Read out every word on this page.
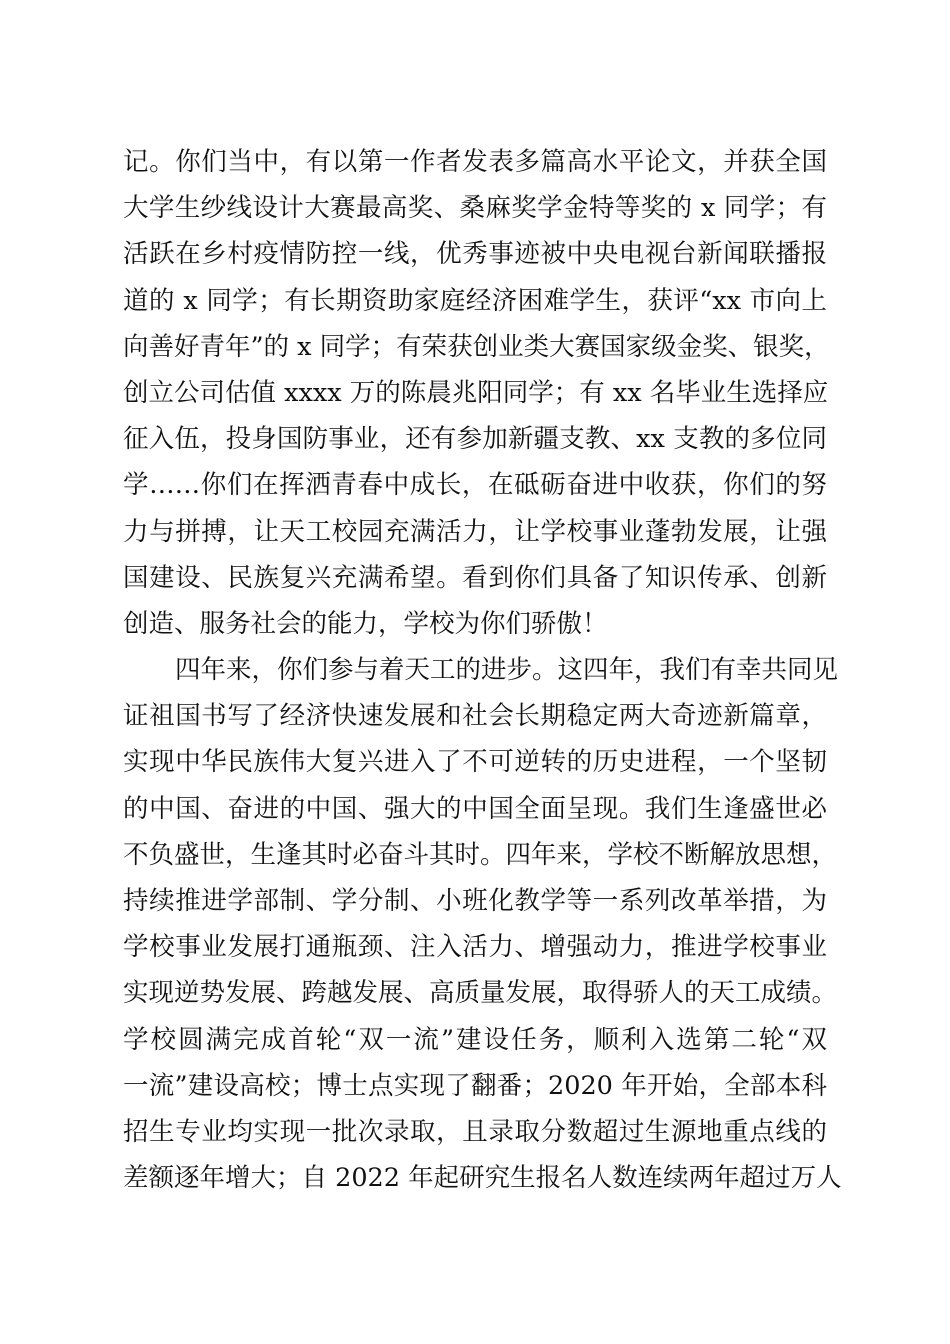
记。你们当中，有以第一作者发表多篇高水平论文，并获全国
大学生纱线设计大赛最高奖、桑麻奖学金特等奖的 x 同学；有
活跃在乡村疫情防控一线，优秀事迹被中央电视台新闻联播报
道的 x 同学；有长期资助家庭经济困难学生，获评“xx 市向上
向善好青年”的 x 同学；有荣获创业类大赛国家级金奖、银奖，
创立公司估值 xxxx 万的陈晨兆阳同学；有 xx 名毕业生选择应
征入伍，投身国防事业，还有参加新疆支教、xx 支教的多位同
学……你们在挥洒青春中成长，在砥砺奋进中收获，你们的努
力与拼搏，让天工校园充满活力，让学校事业蓬勃发展，让强
国建设、民族复兴充满希望。看到你们具备了知识传承、创新
创造、服务社会的能力，学校为你们骄傲！
四年来，你们参与着天工的进步。这四年，我们有幸共同见
证祖国书写了经济快速发展和社会长期稳定两大奇迹新篇章，
实现中华民族伟大复兴进入了不可逆转的历史进程，一个坚韧
的中国、奋进的中国、强大的中国全面呈现。我们生逢盛世必
不负盛世，生逢其时必奋斗其时。四年来，学校不断解放思想，
持续推进学部制、学分制、小班化教学等一系列改革举措，为
学校事业发展打通瓶颈、注入活力、增强动力，推进学校事业
实现逆势发展、跨越发展、高质量发展，取得骄人的天工成绩。
学校圆满完成首轮“双一流”建设任务，顺利入选第二轮“双
一流”建设高校；博士点实现了翻番；2020 年开始，全部本科
招生专业均实现一批次录取，且录取分数超过生源地重点线的
差额逐年增大；自 2022 年起研究生报名人数连续两年超过万人
